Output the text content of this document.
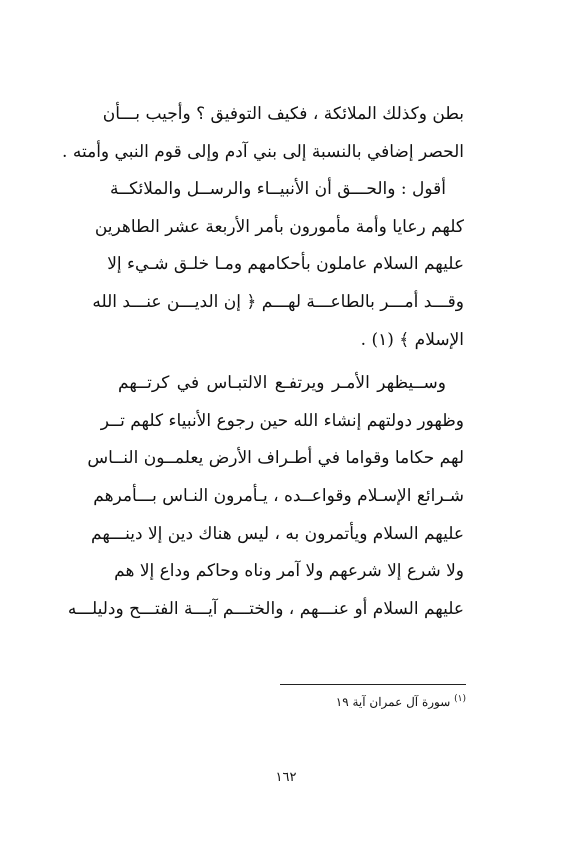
بطن وكذلك الملائكة ، فكيف التوفيق ؟ وأجيب بـــأن
الحصر إضافي بالنسبة إلى بني آدم وإلى قوم النبي وأمته .
أقول : والحـــق أن الأنبيــاء والرســل والملائكــة
كلهم رعايا وأمة مأمورون بأمر الأربعة عشر الطاهرين
عليهم السلام عاملون بأحكامهم ومـا خلـق شـيء إلا
وقـــد أمـــر بالطاعـــة لهـــم ﴿ إن الديـــن عنـــد الله
الإسلام ﴾ (١) .
وســيظهر الأمـر ويرتفـع الالتبـاس في كرتــهم
وظهور دولتهم إنشاء الله حين رجوع الأنبياء كلهم تــر
لهم حكاما وقواما في أطـراف الأرض يعلمــون النــاس
شـرائع الإسـلام وقواعــده ، يـأمرون النـاس بـــأمرهم
عليهم السلام ويأتمرون به ، ليس هناك دين إلا دينـــهم
ولا شرع إلا شرعهم ولا آمر وناه وحاكم وداع إلا هم
عليهم السلام أو عنـــهم ، والختـــم آيـــة الفتـــح ودليلـــه
$^{(١)}$ سورة آل عمران آية ١٩
١٦٢
